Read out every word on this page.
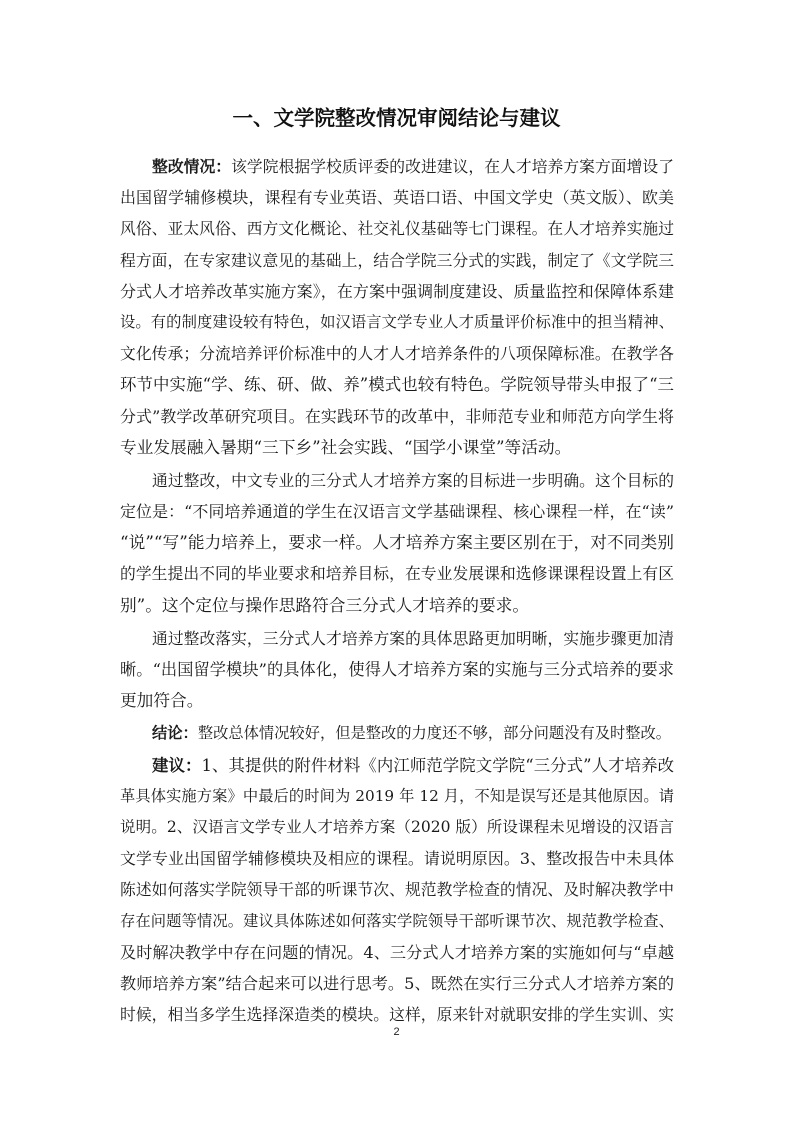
一、文学院整改情况审阅结论与建议
整改情况：该学院根据学校质评委的改进建议，在人才培养方案方面增设了
出国留学辅修模块，课程有专业英语、英语口语、中国文学史（英文版）、欧美
风俗、亚太风俗、西方文化概论、社交礼仪基础等七门课程。在人才培养实施过
程方面，在专家建议意见的基础上，结合学院三分式的实践，制定了《文学院三
分式人才培养改革实施方案》，在方案中强调制度建设、质量监控和保障体系建
设。有的制度建设较有特色，如汉语言文学专业人才质量评价标准中的担当精神、
文化传承；分流培养评价标准中的人才人才培养条件的八项保障标准。在教学各
环节中实施“学、练、研、做、养”模式也较有特色。学院领导带头申报了“三
分式”教学改革研究项目。在实践环节的改革中，非师范专业和师范方向学生将
专业发展融入暑期“三下乡”社会实践、“国学小课堂”等活动。
通过整改，中文专业的三分式人才培养方案的目标进一步明确。这个目标的
定位是：“不同培养通道的学生在汉语言文学基础课程、核心课程一样，在“读”
“说”“写”能力培养上，要求一样。人才培养方案主要区别在于，对不同类别
的学生提出不同的毕业要求和培养目标，在专业发展课和选修课课程设置上有区
别”。这个定位与操作思路符合三分式人才培养的要求。
通过整改落实，三分式人才培养方案的具体思路更加明晰，实施步骤更加清
晰。“出国留学模块”的具体化，使得人才培养方案的实施与三分式培养的要求
更加符合。
结论：整改总体情况较好，但是整改的力度还不够，部分问题没有及时整改。
建议：1、其提供的附件材料《内江师范学院文学院“三分式”人才培养改
革具体实施方案》中最后的时间为 2019 年 12 月，不知是误写还是其他原因。请
说明。2、汉语言文学专业人才培养方案（2020 版）所设课程未见增设的汉语言
文学专业出国留学辅修模块及相应的课程。请说明原因。3、整改报告中未具体
陈述如何落实学院领导干部的听课节次、规范教学检查的情况、及时解决教学中
存在问题等情况。建议具体陈述如何落实学院领导干部听课节次、规范教学检查、
及时解决教学中存在问题的情况。4、三分式人才培养方案的实施如何与“卓越
教师培养方案”结合起来可以进行思考。5、既然在实行三分式人才培养方案的
时候，相当多学生选择深造类的模块。这样，原来针对就职安排的学生实训、实
2
